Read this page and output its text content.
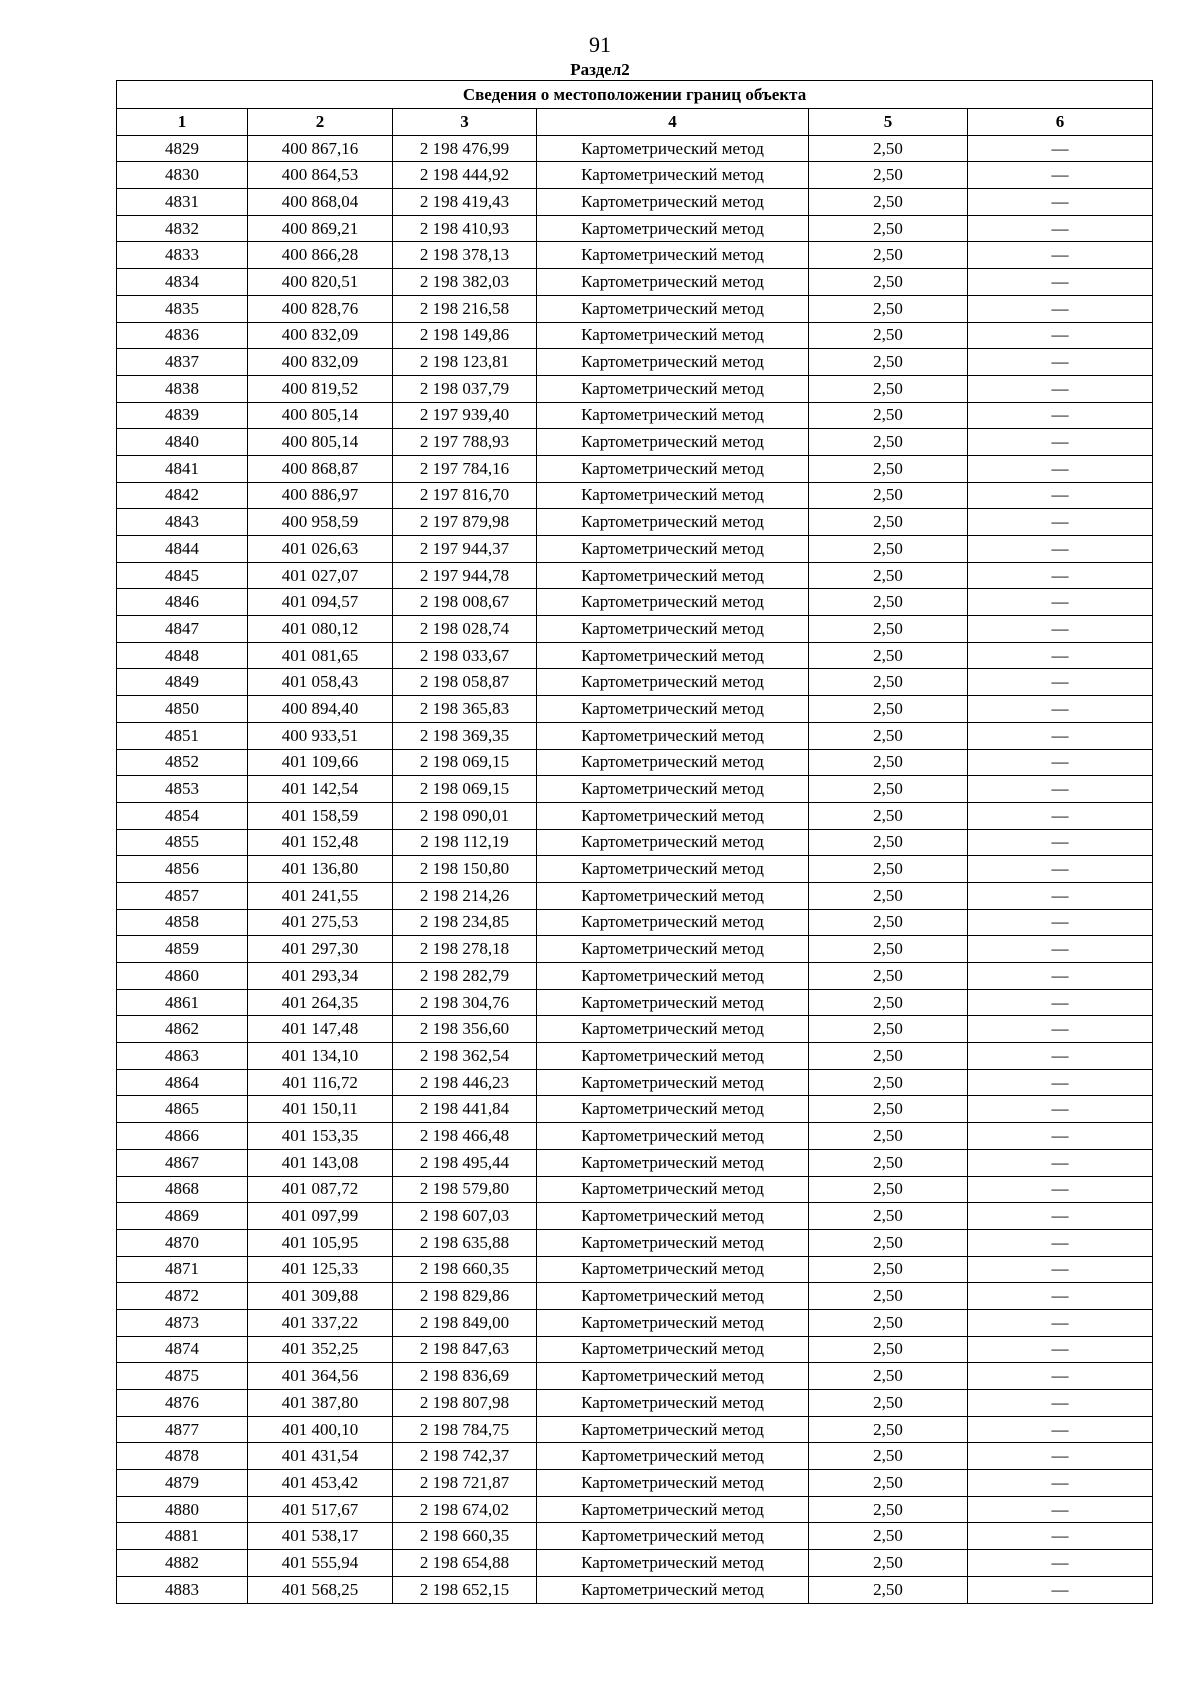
91
Раздел2
Сведения о местоположении границ объекта					
1	2	3	4	5	6
4829	400 867,16	2 198 476,99	Картометрический метод	2,50	—
4830	400 864,53	2 198 444,92	Картометрический метод	2,50	—
4831	400 868,04	2 198 419,43	Картометрический метод	2,50	—
4832	400 869,21	2 198 410,93	Картометрический метод	2,50	—
4833	400 866,28	2 198 378,13	Картометрический метод	2,50	—
4834	400 820,51	2 198 382,03	Картометрический метод	2,50	—
4835	400 828,76	2 198 216,58	Картометрический метод	2,50	—
4836	400 832,09	2 198 149,86	Картометрический метод	2,50	—
4837	400 832,09	2 198 123,81	Картометрический метод	2,50	—
4838	400 819,52	2 198 037,79	Картометрический метод	2,50	—
4839	400 805,14	2 197 939,40	Картометрический метод	2,50	—
4840	400 805,14	2 197 788,93	Картометрический метод	2,50	—
4841	400 868,87	2 197 784,16	Картометрический метод	2,50	—
4842	400 886,97	2 197 816,70	Картометрический метод	2,50	—
4843	400 958,59	2 197 879,98	Картометрический метод	2,50	—
4844	401 026,63	2 197 944,37	Картометрический метод	2,50	—
4845	401 027,07	2 197 944,78	Картометрический метод	2,50	—
4846	401 094,57	2 198 008,67	Картометрический метод	2,50	—
4847	401 080,12	2 198 028,74	Картометрический метод	2,50	—
4848	401 081,65	2 198 033,67	Картометрический метод	2,50	—
4849	401 058,43	2 198 058,87	Картометрический метод	2,50	—
4850	400 894,40	2 198 365,83	Картометрический метод	2,50	—
4851	400 933,51	2 198 369,35	Картометрический метод	2,50	—
4852	401 109,66	2 198 069,15	Картометрический метод	2,50	—
4853	401 142,54	2 198 069,15	Картометрический метод	2,50	—
4854	401 158,59	2 198 090,01	Картометрический метод	2,50	—
4855	401 152,48	2 198 112,19	Картометрический метод	2,50	—
4856	401 136,80	2 198 150,80	Картометрический метод	2,50	—
4857	401 241,55	2 198 214,26	Картометрический метод	2,50	—
4858	401 275,53	2 198 234,85	Картометрический метод	2,50	—
4859	401 297,30	2 198 278,18	Картометрический метод	2,50	—
4860	401 293,34	2 198 282,79	Картометрический метод	2,50	—
4861	401 264,35	2 198 304,76	Картометрический метод	2,50	—
4862	401 147,48	2 198 356,60	Картометрический метод	2,50	—
4863	401 134,10	2 198 362,54	Картометрический метод	2,50	—
4864	401 116,72	2 198 446,23	Картометрический метод	2,50	—
4865	401 150,11	2 198 441,84	Картометрический метод	2,50	—
4866	401 153,35	2 198 466,48	Картометрический метод	2,50	—
4867	401 143,08	2 198 495,44	Картометрический метод	2,50	—
4868	401 087,72	2 198 579,80	Картометрический метод	2,50	—
4869	401 097,99	2 198 607,03	Картометрический метод	2,50	—
4870	401 105,95	2 198 635,88	Картометрический метод	2,50	—
4871	401 125,33	2 198 660,35	Картометрический метод	2,50	—
4872	401 309,88	2 198 829,86	Картометрический метод	2,50	—
4873	401 337,22	2 198 849,00	Картометрический метод	2,50	—
4874	401 352,25	2 198 847,63	Картометрический метод	2,50	—
4875	401 364,56	2 198 836,69	Картометрический метод	2,50	—
4876	401 387,80	2 198 807,98	Картометрический метод	2,50	—
4877	401 400,10	2 198 784,75	Картометрический метод	2,50	—
4878	401 431,54	2 198 742,37	Картометрический метод	2,50	—
4879	401 453,42	2 198 721,87	Картометрический метод	2,50	—
4880	401 517,67	2 198 674,02	Картометрический метод	2,50	—
4881	401 538,17	2 198 660,35	Картометрический метод	2,50	—
4882	401 555,94	2 198 654,88	Картометрический метод	2,50	—
4883	401 568,25	2 198 652,15	Картометрический метод	2,50	—
